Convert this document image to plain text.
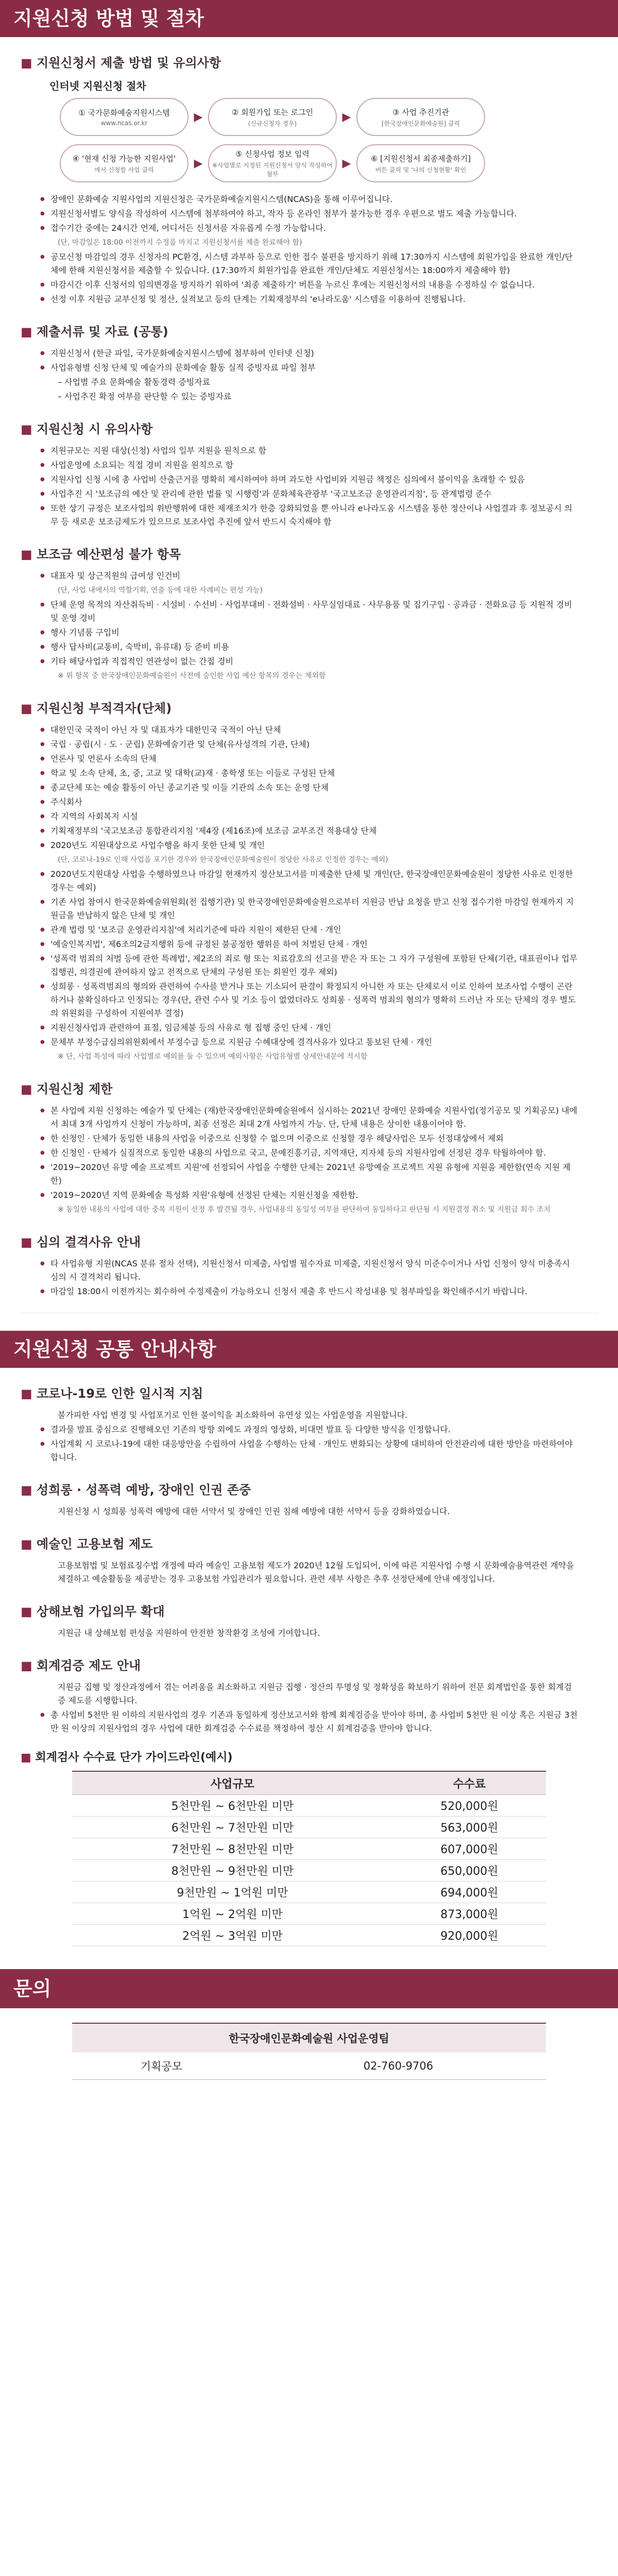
지원신청 방법 및 절차
■ 지원신청서 제출 방법 및 유의사항
인터넷 지원신청 절차
① 국가문화예술지원시스템
www.ncas.or.kr	▶	② 회원가입 또는 로그인
(신규신청자 경우)	▶	③ 사업 추진기관
[한국장애인문화예술원] 클릭
④ '현재 신청 가능한 지원사업'
에서 신청할 사업 클릭	▶
⑤ 신청사업 정보 입력
※사업별로 지정된 지원신청서 양식 작성하여 첨부
▶	⑥ [지원신청서 최종제출하기]
버튼 클릭 및 '나의 신청현황' 확인
● 장애인 문화예술 지원사업의 지원신청은 국가문화예술지원시스템(NCAS)을 통해 이루어집니다.
● 지원신청서별도 양식을 작성하여 시스템에 첨부하여야 하고, 작자 등 온라인 첨부가 불가능한 경우 우편으로 별도 제출 가능합니다.
● 접수기간 중에는 24시간 언제, 어디서든 신청서를 자유롭게 수정 가능합니다.
(단, 마감일은 18:00 이전까지 수정을 마치고 지원신청서를 제출 완료해야 함)
● 공모신청 마감일의 경우 신청자의 PC환경, 시스템 과부하 등으로 인한 접수 불편을 방지하기 위해 17:30까지 시스템에 회원가입을 완료한 개인/단체에 한해 지원신청서를 제출할 수 있습니다. (17:30까지 회원가입을 완료한 개인/단체도 지원신청서는 18:00까지 제출해야 함)
● 마감시간 이후 신청서의 임의변경을 방지하기 위하여 '최종 제출하기' 버튼을 누르신 후에는 지원신청서의 내용을 수정하실 수 없습니다.
● 선정 이후 지원금 교부신청 및 정산, 실적보고 등의 단계는 기획재정부의 'e나라도움' 시스템을 이용하여 진행됩니다.
■ 제출서류 및 자료 (공통)
● 지원신청서 (한글 파일, 국가문화예술지원시스템에 첨부하여 인터넷 신청)
● 사업유형별 신청 단체 및 예술가의 문화예술 활동 실적 증빙자료 파일 첨부
– 사업별 주요 문화예술 활동경력 증빙자료
– 사업추진 확정 여부를 판단할 수 있는 증빙자료
■ 지원신청 시 유의사항
● 지원규모는 지원 대상(신청) 사업의 일부 지원을 원칙으로 함
● 사업운영에 소요되는 직접 경비 지원을 원칙으로 함
● 지원사업 신청 시에 총 사업비 산출근거를 명확히 제시하여야 하며 과도한 사업비와 지원금 책정은 심의에서 불이익을 초래할 수 있음
● 사업추진 시 '보조금의 예산 및 관리에 관한 법률 및 시행령'과 문화체육관광부 '국고보조금 운영관리지침', 등 관계법령 준수
● 또한 상기 규정은 보조사업의 위반행위에 대한 제재조치가 한층 강화되었을 뿐 아니라 e나라도움 시스템을 통한 정산이나 사업결과 후 정보공시 의무 등 새로운 보조금제도가 있으므로 보조사업 추진에 앞서 반드시 숙지해야 함
■ 보조금 예산편성 불가 항목
● 대표자 및 상근직원의 급여성 인건비
(단, 사업 내에서의 역할기획, 연출 등에 대한 사례비는 편성 가능)
● 단체 운영 목적의 자산취득비 · 시설비 · 수선비 · 사업부대비 · 전화설비 · 사무실임대료 · 사무용품 및 집기구입 · 공과금 · 전화요금 등 지원적 경비 및 운영 경비
● 행사 기념품 구입비
● 행사 답사비(교통비, 숙박비, 유류대) 등 준비 비용
● 기타 해당사업과 직접적인 연관성이 없는 간접 경비
※ 위 항목 중 한국장애인문화예술원이 사전에 승인한 사업 예산 항목의 경우는 제외함
■ 지원신청 부적격자(단체)
● 대한민국 국적이 아닌 자 및 대표자가 대한민국 국적이 아닌 단체
● 국립 · 공립(시 · 도 · 군립) 문화예술기관 및 단체(유사성격의 기관, 단체)
● 언론사 및 언론사 소속의 단체
● 학교 및 소속 단체, 초, 중, 고교 및 대학(교)재 · 총학생 또는 이들로 구성된 단체
● 종교단체 또는 예술 활동이 아닌 종교기관 및 이들 기관의 소속 또는 운영 단체
● 주식회사
● 각 지역의 사회복지 시설
● 기획재정부의 '국고보조금 통합관리지침 '제4장 (제16조)에 보조금 교부조건 적용대상 단체
● 2020년도 지원대상으로 사업수행을 하지 못한 단체 및 개인
(단, 코로나-19로 인해 사업을 포기한 경우와 한국장애인문화예술원이 정당한 사유로 인정한 경우는 예외)
● 2020년도지원대상 사업을 수행하였으나 마감일 현재까지 정산보고서를 미제출한 단체 및 개인(단, 한국장애인문화예술원이 정당한 사유로 인정한 경우는 예외)
● 기존 사업 참여시 한국문화예술위원회(전 집행기관) 및 한국장애인문화예술원으로부터 지원금 반납 요청을 받고 신청 접수기한 마감일 현재까지 지원금을 반납하지 않은 단체 및 개인
● 관계 법령 및 '보조금 운영관리지침'에 처리기준에 따라 지원이 제한된 단체 · 개인
● '예술인복지법', 제6조의2금지행위 등에 규정된 불공정한 행위를 하여 처벌된 단체 · 개인
● '성폭력 범죄의 처벌 등에 관한 특례법', 제2조의 죄로 형 또는 치료감호의 선고를 받은 자 또는 그 자가 구성원에 포함된 단체(기관, 대표권이나 업무집행권, 의결권에 관여하지 않고 전적으로 단체의 구성원 또는 회원인 경우 제외)
● 성희롱 · 성폭력범죄의 형의와 관련하여 수사를 받거나 또는 기소되어 판결이 확정되지 아니한 자 또는 단체로서 이로 인하여 보조사업 수행이 곤란하거나 불확실하다고 인정되는 경우(단, 관련 수사 및 기소 등이 없었더라도 성희롱 · 성폭력 범죄의 혐의가 명확히 드러난 자 또는 단체의 경우 별도의 위원회를 구성하여 지원여부 결정)
● 지원신청사업과 관련하여 표절, 임금체불 등의 사유로 형 집행 중인 단체 · 개인
● 문체부 부정수급심의위원회에서 부정수급 등으로 지원금 수혜대상에 결격사유가 있다고 통보된 단체 · 개인
※ 단, 사업 특성에 따라 사업별로 예외를 둘 수 있으며 예외사항은 사업유형별 상세안내문에 적시함
■ 지원신청 제한
● 본 사업에 지원 신청하는 예술가 및 단체는 (재)한국장애인문화예술원에서 실시하는 2021년 장애인 문화예술 지원사업(정기공모 및 기획공모) 내에서 최대 3개 사업까지 신청이 가능하며, 최종 선정은 최대 2개 사업까지 가능. 단, 단체 내용은 상이한 내용이어야 함.
● 한 신청인 · 단체가 동일한 내용의 사업을 이중으로 신청할 수 없으며 이중으로 신청할 경우 해당사업은 모두 선정대상에서 제외
● 한 신청인 · 단체가 실질적으로 동일한 내용의 사업으로 국고, 문예진흥기금, 지역재단, 지자체 등의 지원사업에 선정된 경우 탁월하여야 함.
● '2019~2020년 유망 예술 프로젝트 지원'에 선정되어 사업을 수행한 단체는 2021년 유망예술 프로젝트 지원 유형에 지원을 제한함(연속 지원 제한)
● '2019~2020년 지역 문화예술 특성화 지원'유형에 선정된 단체는 지원신청을 제한함.
※ 동일한 내용의 사업에 대한 중복 지원이 선정 후 발견될 경우, 사업내용의 동일성 여부를 판단하여 동일하다고 판단될 시 지원결정 취소 및 지원금 회수 조치
■ 심의 결격사유 안내
● 타 사업유형 지원(NCAS 분류 절차 선택), 지원신청서 미제출, 사업별 필수자료 미제출, 지원신청서 양식 미준수이거나 사업 신청이 양식 미충족시 심의 시 결격처리 됩니다.
● 마감일 18:00시 이전까지는 회수하여 수정제출이 가능하오니 신청서 제출 후 반드시 작성내용 및 첨부파일을 확인해주시기 바랍니다.
지원신청 공통 안내사항
■ 코로나-19로 인한 일시적 지침
불가피한 사업 변경 및 사업포기로 인한 불이익을 최소화하여 유연성 있는 사업운영을 지원합니다.
● 결과물 발표 중심으로 진행해오던 기존의 방향 외에도 과정의 영상화, 비대면 발표 등 다양한 방식을 인정합니다.
● 사업계획 시 코로나-19에 대한 대응방안을 수립하여 사업을 수행하는 단체 · 개인도 변화되는 상황에 대비하여 안전관리에 대한 방안을 마련하여야 합니다.
■ 성희롱 · 성폭력 예방, 장애인 인권 존중
지원신청 시 성희롱 성폭력 예방에 대한 서약서 및 장애인 인권 침해 예방에 대한 서약서 등을 강화하였습니다.
■ 예술인 고용보험 제도
고용보험법 및 보험료징수법 개정에 따라 예술인 고용보험 제도가 2020년 12월 도입되어, 이에 따른 지원사업 수행 시 문화예술용역관련 계약을 체결하고 예술활동을 제공받는 경우 고용보험 가입관리가 필요합니다. 관련 세부 사항은 추후 선정단체에 안내 예정입니다.
■ 상해보험 가입의무 확대
지원금 내 상해보험 편성을 지원하여 안전한 창작환경 조성에 기여합니다.
■ 회계검증 제도 안내
지원금 집행 및 정산과정에서 겪는 어려움을 최소화하고 지원금 집행 · 정산의 투명성 및 정확성을 확보하기 위하여 전문 회계법인을 통한 회계검증 제도를 시행합니다.
● 총 사업비 5천만 원 이하의 지원사업의 경우 기존과 동일하게 정산보고서와 함께 회계검증을 받아야 하며, 총 사업비 5천만 원 이상 혹은 지원금 3천만 원 이상의 지원사업의 경우 사업에 대한 회계검증 수수료를 책정하여 정산 시 회계검증을 받아야 합니다.
■ 회계검사 수수료 단가 가이드라인(예시)
사업규모	수수료
5천만원 ~ 6천만원 미만	520,000원
6천만원 ~ 7천만원 미만	563,000원
7천만원 ~ 8천만원 미만	607,000원
8천만원 ~ 9천만원 미만	650,000원
9천만원 ~ 1억원 미만	694,000원
1억원 ~ 2억원 미만	873,000원
2억원 ~ 3억원 미만	920,000원
문의
한국장애인문화예술원 사업운영팀
기획공모	02-760-9706
